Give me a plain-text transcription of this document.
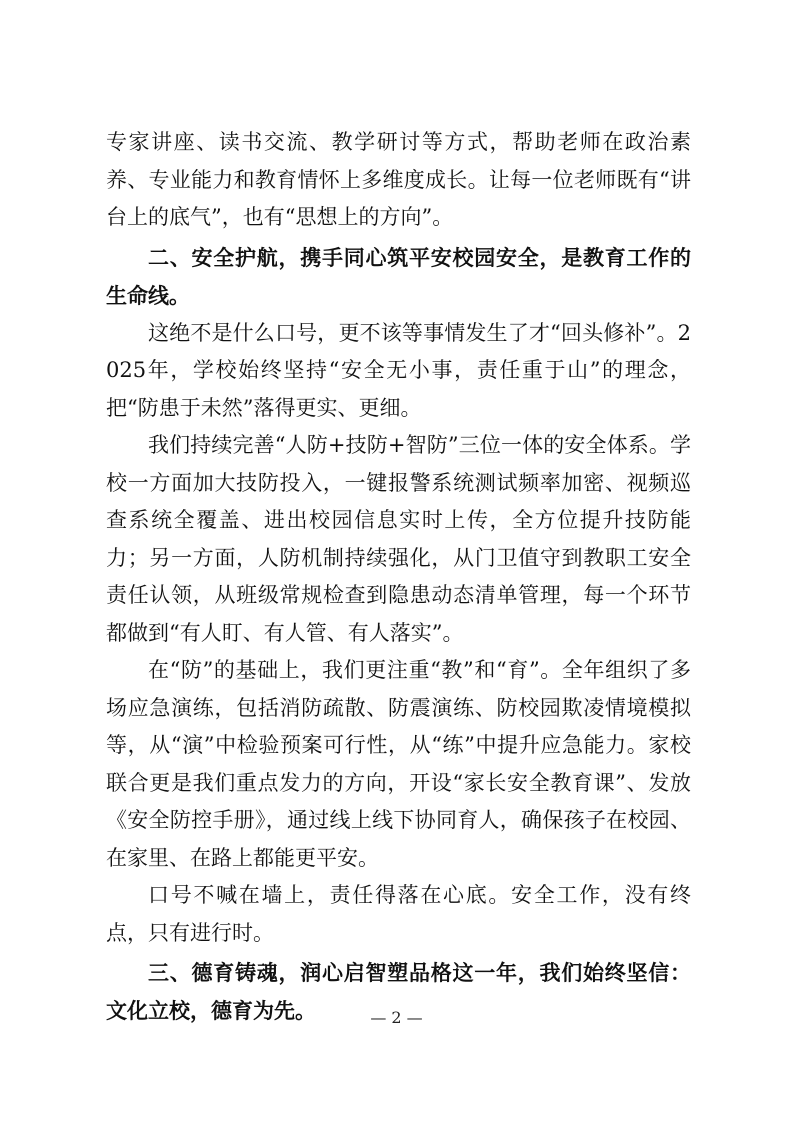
专家讲座、读书交流、教学研讨等方式，帮助老师在政治素养、专业能力和教育情怀上多维度成长。让每一位老师既有“讲台上的底气”，也有“思想上的方向”。

二、安全护航，携手同心筑平安校园安全，是教育工作的生命线。

这绝不是什么口号，更不该等事情发生了才“回头修补”。2025年，学校始终坚持“安全无小事，责任重于山”的理念，把“防患于未然”落得更实、更细。

我们持续完善“人防+技防+智防”三位一体的安全体系。学校一方面加大技防投入，一键报警系统测试频率加密、视频巡查系统全覆盖、进出校园信息实时上传，全方位提升技防能力；另一方面，人防机制持续强化，从门卫值守到教职工安全责任认领，从班级常规检查到隐患动态清单管理，每一个环节都做到“有人盯、有人管、有人落实”。

在“防”的基础上，我们更注重“教”和“育”。全年组织了多场应急演练，包括消防疏散、防震演练、防校园欺凌情境模拟等，从“演”中检验预案可行性，从“练”中提升应急能力。家校联合更是我们重点发力的方向，开设“家长安全教育课”、发放《安全防控手册》，通过线上线下协同育人，确保孩子在校园、在家里、在路上都能更平安。

口号不喊在墙上，责任得落在心底。安全工作，没有终点，只有进行时。

三、德育铸魂，润心启智塑品格这一年，我们始终坚信：文化立校，德育为先。	— 2 —
